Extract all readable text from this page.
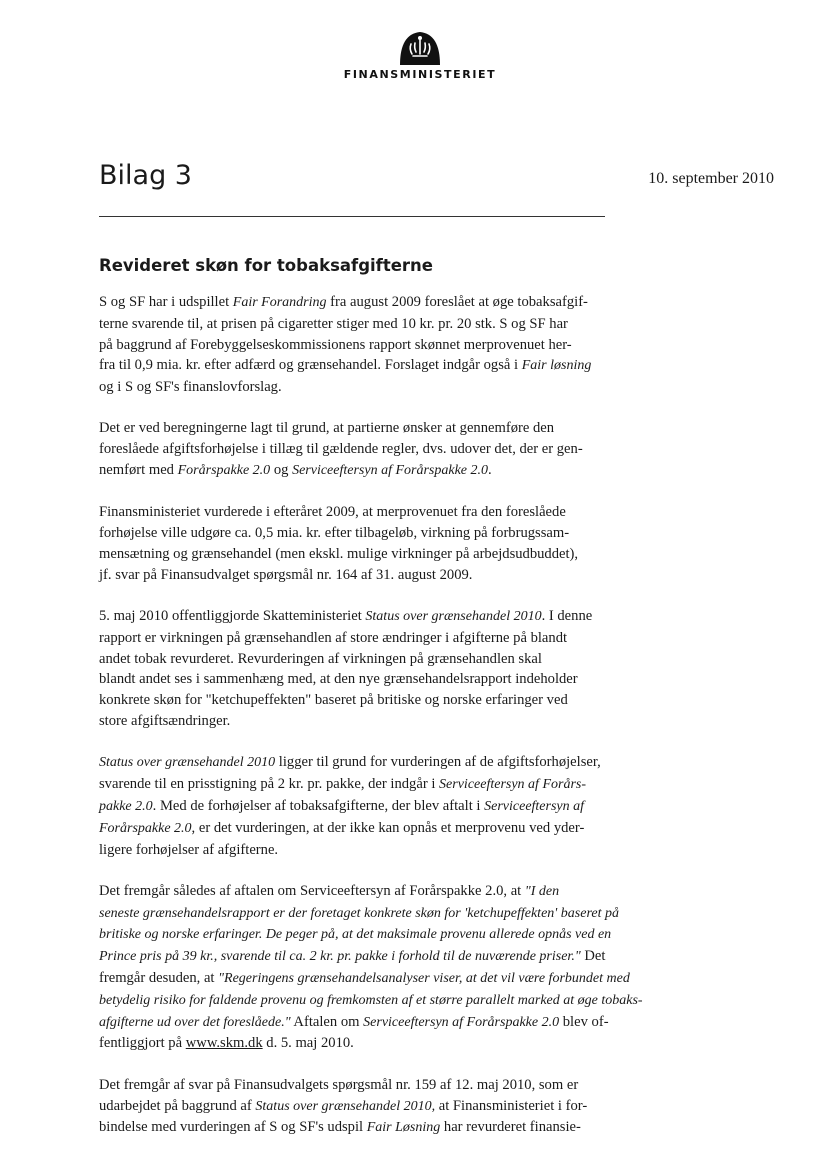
FINANSMINISTERIET
Bilag 3	10. september 2010
Revideret skøn for tobaksafgifterne

S og SF har i udspillet Fair Forandring fra august 2009 foreslået at øge tobaksafgif-
terne svarende til, at prisen på cigaretter stiger med 10 kr. pr. 20 stk. S og SF har
på baggrund af Forebyggelseskommissionens rapport skønnet merprovenuet her-
fra til 0,9 mia. kr. efter adfærd og grænsehandel. Forslaget indgår også i Fair løsning
og i S og SF's finanslovforslag.

Det er ved beregningerne lagt til grund, at partierne ønsker at gennemføre den
foreslåede afgiftsforhøjelse i tillæg til gældende regler, dvs. udover det, der er gen-
nemført med Forårspakke 2.0 og Serviceeftersyn af Forårspakke 2.0.

Finansministeriet vurderede i efteråret 2009, at merprovenuet fra den foreslåede
forhøjelse ville udgøre ca. 0,5 mia. kr. efter tilbageløb, virkning på forbrugssam-
mensætning og grænsehandel (men ekskl. mulige virkninger på arbejdsudbuddet),
jf. svar på Finansudvalget spørgsmål nr. 164 af 31. august 2009.

5. maj 2010 offentliggjorde Skatteministeriet Status over grænsehandel 2010. I denne
rapport er virkningen på grænsehandlen af store ændringer i afgifterne på blandt
andet tobak revurderet. Revurderingen af virkningen på grænsehandlen skal
blandt andet ses i sammenhæng med, at den nye grænsehandelsrapport indeholder
konkrete skøn for "ketchupeffekten" baseret på britiske og norske erfaringer ved
store afgiftsændringer.

Status over grænsehandel 2010 ligger til grund for vurderingen af de afgiftsforhøjelser,
svarende til en prisstigning på 2 kr. pr. pakke, der indgår i Serviceeftersyn af Forårs-
pakke 2.0. Med de forhøjelser af tobaksafgifterne, der blev aftalt i Serviceeftersyn af
Forårspakke 2.0, er det vurderingen, at der ikke kan opnås et merprovenu ved yder-
ligere forhøjelser af afgifterne.

Det fremgår således af aftalen om Serviceeftersyn af Forårspakke 2.0, at "I den
seneste grænsehandelsrapport er der foretaget konkrete skøn for 'ketchupeffekten' baseret på
britiske og norske erfaringer. De peger på, at det maksimale provenu allerede opnås ved en
Prince pris på 39 kr., svarende til ca. 2 kr. pr. pakke i forhold til de nuværende priser." Det
fremgår desuden, at "Regeringens grænsehandelsanalyser viser, at det vil være forbundet med
betydelig risiko for faldende provenu og fremkomsten af et større parallelt marked at øge tobaks-
afgifterne ud over det foreslåede." Aftalen om Serviceeftersyn af Forårspakke 2.0 blev of-
fentliggjort på www.skm.dk d. 5. maj 2010.

Det fremgår af svar på Finansudvalgets spørgsmål nr. 159 af 12. maj 2010, som er
udarbejdet på baggrund af Status over grænsehandel 2010, at Finansministeriet i for-
bindelse med vurderingen af S og SF's udspil Fair Løsning har revurderet finansie-
